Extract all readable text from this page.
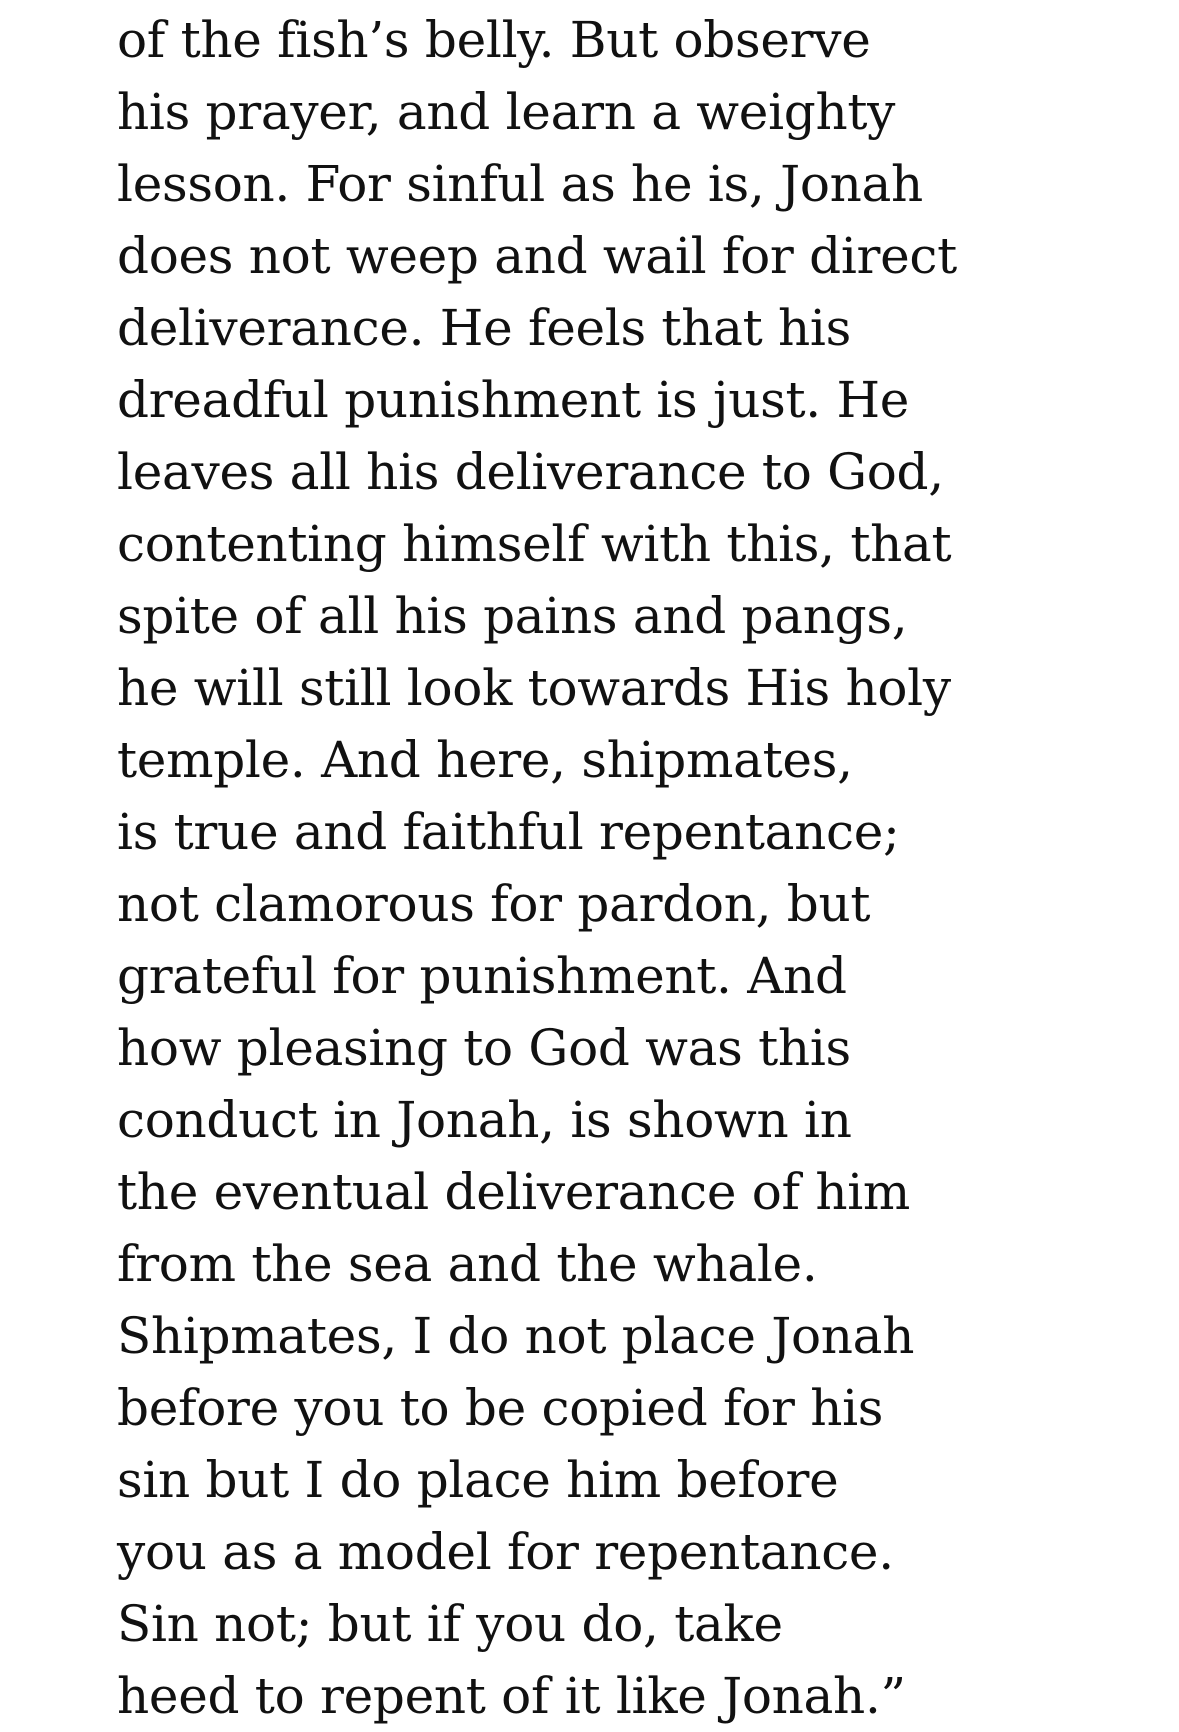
of the fish’s belly. But observe
his prayer, and learn a weighty
lesson. For sinful as he is, Jonah
does not weep and wail for direct
deliverance. He feels that his
dreadful punishment is just. He
leaves all his deliverance to God,
contenting himself with this, that
spite of all his pains and pangs,
he will still look towards His holy
temple. And here, shipmates,
is true and faithful repentance;
not clamorous for pardon, but
grateful for punishment. And
how pleasing to God was this
conduct in Jonah, is shown in
the eventual deliverance of him
from the sea and the whale.
Shipmates, I do not place Jonah
before you to be copied for his
sin but I do place him before
you as a model for repentance.
Sin not; but if you do, take
heed to repent of it like Jonah.”
